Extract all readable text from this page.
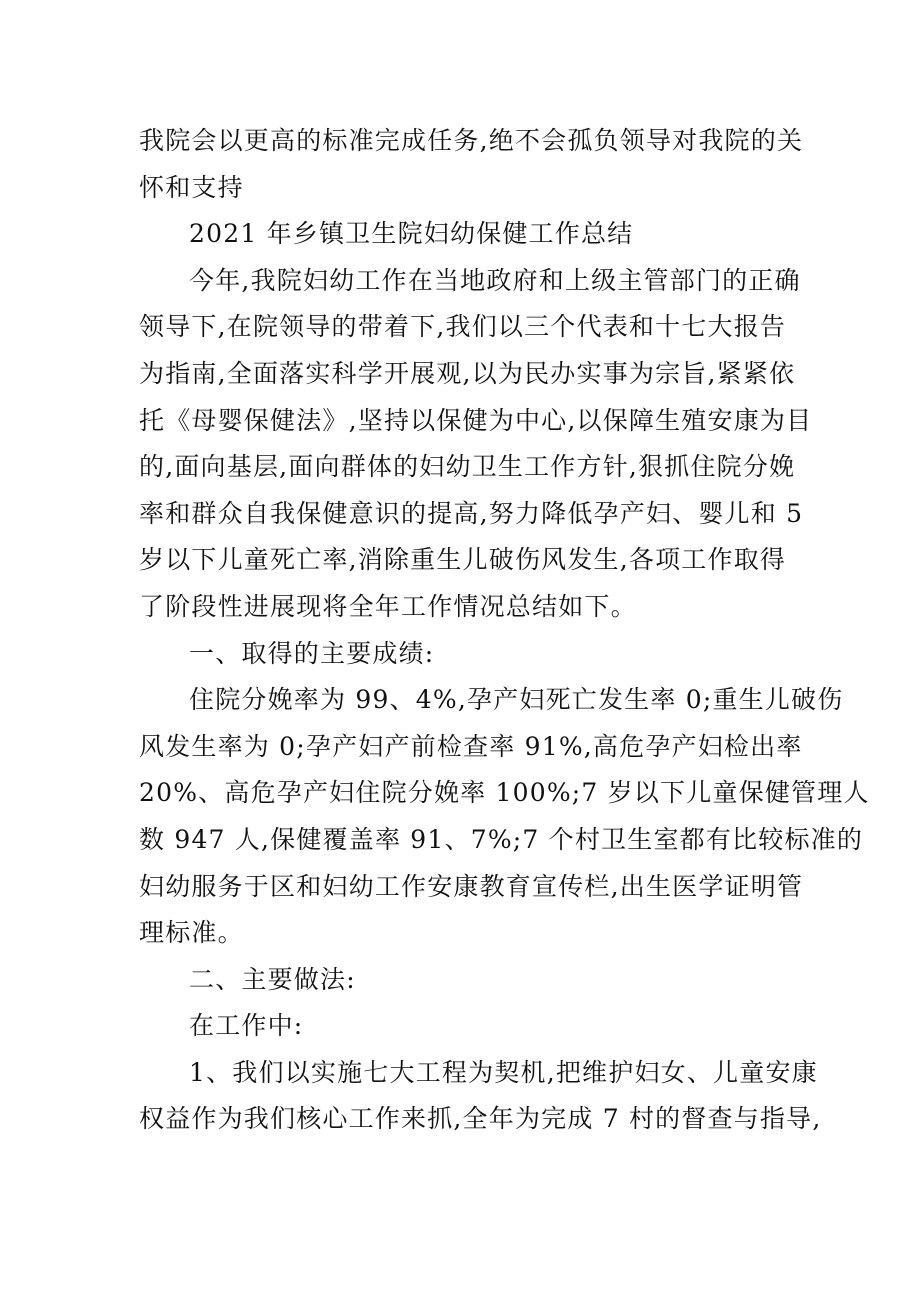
我院会以更高的标准完成任务,绝不会孤负领导对我院的关
怀和支持
2021 年乡镇卫生院妇幼保健工作总结
今年,我院妇幼工作在当地政府和上级主管部门的正确
领导下,在院领导的带着下,我们以三个代表和十七大报告
为指南,全面落实科学开展观,以为民办实事为宗旨,紧紧依
托《母婴保健法》,坚持以保健为中心,以保障生殖安康为目
的,面向基层,面向群体的妇幼卫生工作方针,狠抓住院分娩
率和群众自我保健意识的提高,努力降低孕产妇、婴儿和 5
岁以下儿童死亡率,消除重生儿破伤风发生,各项工作取得
了阶段性进展现将全年工作情况总结如下。
一、取得的主要成绩:
住院分娩率为 99、4%,孕产妇死亡发生率 0;重生儿破伤
风发生率为 0;孕产妇产前检查率 91%,高危孕产妇检出率
20%、高危孕产妇住院分娩率 100%;7 岁以下儿童保健管理人
数 947 人,保健覆盖率 91、7%;7 个村卫生室都有比较标准的
妇幼服务于区和妇幼工作安康教育宣传栏,出生医学证明管
理标准。
二、主要做法:
在工作中:
1、我们以实施七大工程为契机,把维护妇女、儿童安康
权益作为我们核心工作来抓,全年为完成 7 村的督查与指导,
